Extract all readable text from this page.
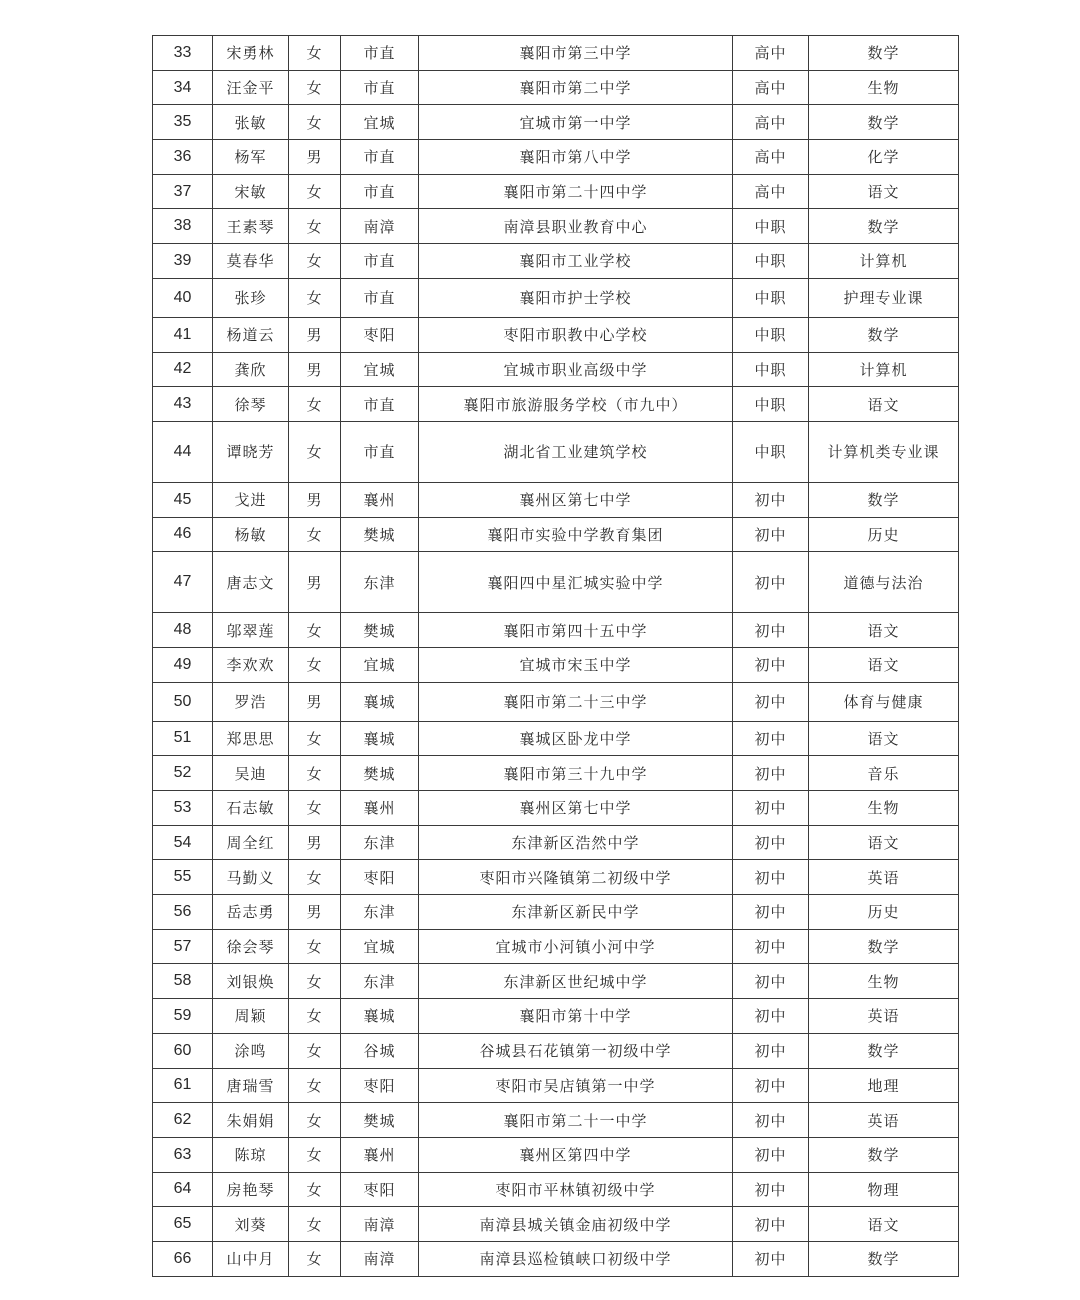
33	宋勇林	女	市直	襄阳市第三中学	高中	数学
34	汪金平	女	市直	襄阳市第二中学	高中	生物
35	张敏	女	宜城	宜城市第一中学	高中	数学
36	杨军	男	市直	襄阳市第八中学	高中	化学
37	宋敏	女	市直	襄阳市第二十四中学	高中	语文
38	王素琴	女	南漳	南漳县职业教育中心	中职	数学
39	莫春华	女	市直	襄阳市工业学校	中职	计算机
40	张珍	女	市直	襄阳市护士学校	中职	护理专业课
41	杨道云	男	枣阳	枣阳市职教中心学校	中职	数学
42	龚欣	男	宜城	宜城市职业高级中学	中职	计算机
43	徐琴	女	市直	襄阳市旅游服务学校（市九中）	中职	语文
44	谭晓芳	女	市直	湖北省工业建筑学校	中职	计算机类专业课
45	戈进	男	襄州	襄州区第七中学	初中	数学
46	杨敏	女	樊城	襄阳市实验中学教育集团	初中	历史
47	唐志文	男	东津	襄阳四中星汇城实验中学	初中	道德与法治
48	邬翠莲	女	樊城	襄阳市第四十五中学	初中	语文
49	李欢欢	女	宜城	宜城市宋玉中学	初中	语文
50	罗浩	男	襄城	襄阳市第二十三中学	初中	体育与健康
51	郑思思	女	襄城	襄城区卧龙中学	初中	语文
52	吴迪	女	樊城	襄阳市第三十九中学	初中	音乐
53	石志敏	女	襄州	襄州区第七中学	初中	生物
54	周全红	男	东津	东津新区浩然中学	初中	语文
55	马勤义	女	枣阳	枣阳市兴隆镇第二初级中学	初中	英语
56	岳志勇	男	东津	东津新区新民中学	初中	历史
57	徐会琴	女	宜城	宜城市小河镇小河中学	初中	数学
58	刘银焕	女	东津	东津新区世纪城中学	初中	生物
59	周颖	女	襄城	襄阳市第十中学	初中	英语
60	涂鸣	女	谷城	谷城县石花镇第一初级中学	初中	数学
61	唐瑞雪	女	枣阳	枣阳市吴店镇第一中学	初中	地理
62	朱娟娟	女	樊城	襄阳市第二十一中学	初中	英语
63	陈琼	女	襄州	襄州区第四中学	初中	数学
64	房艳琴	女	枣阳	枣阳市平林镇初级中学	初中	物理
65	刘葵	女	南漳	南漳县城关镇金庙初级中学	初中	语文
66	山中月	女	南漳	南漳县巡检镇峡口初级中学	初中	数学
